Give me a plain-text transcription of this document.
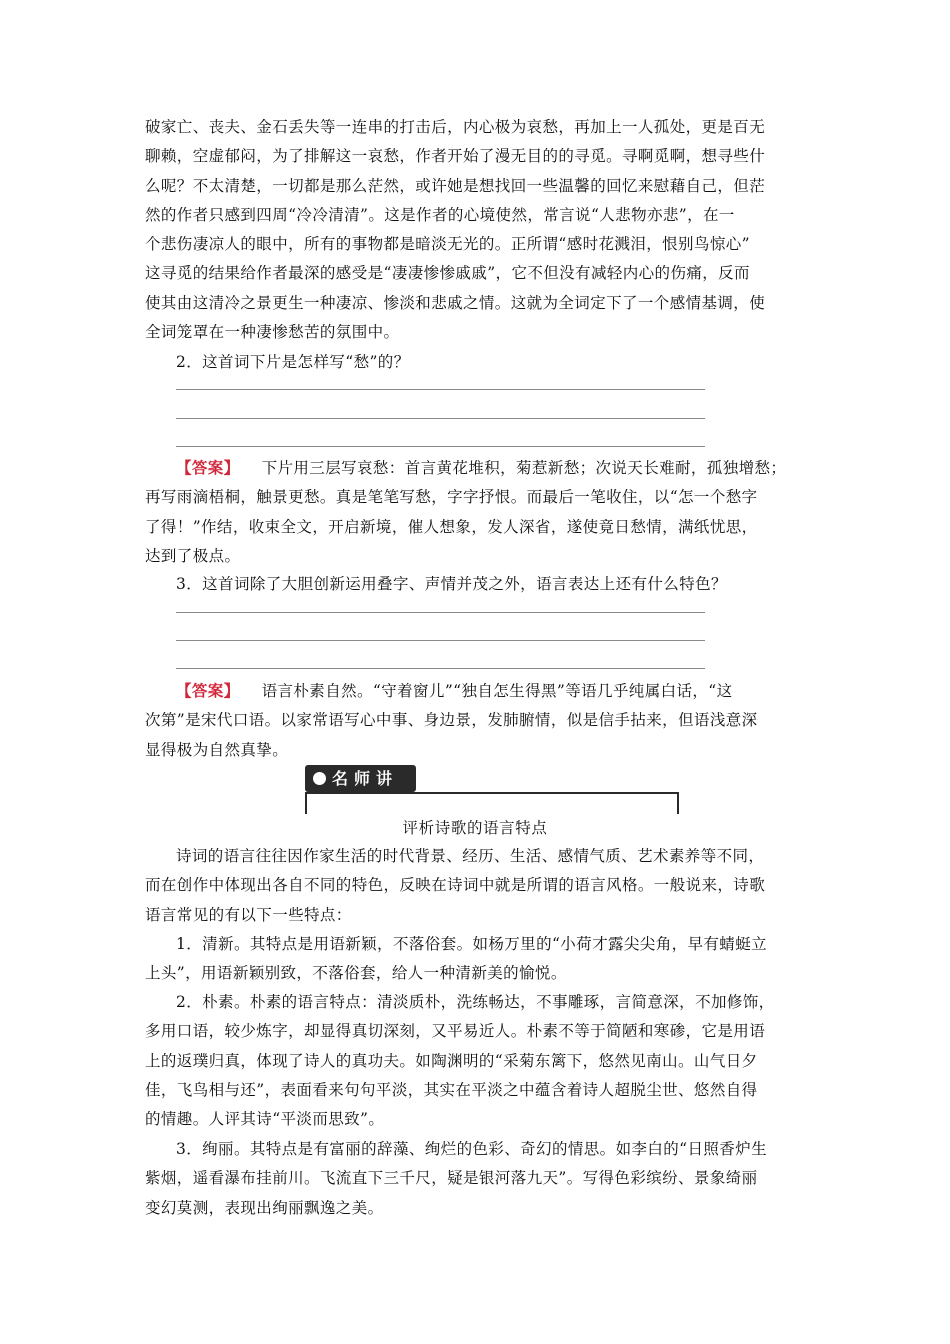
破家亡、丧夫、金石丢失等一连串的打击后，内心极为哀愁，再加上一人孤处，更是百无
聊赖，空虚郁闷，为了排解这一哀愁，作者开始了漫无目的的寻觅。寻啊觅啊，想寻些什
么呢？不太清楚，一切都是那么茫然，或许她是想找回一些温馨的回忆来慰藉自己，但茫
然的作者只感到四周“冷冷清清”。这是作者的心境使然，常言说“人悲物亦悲”，在一
个悲伤凄凉人的眼中，所有的事物都是暗淡无光的。正所谓“感时花溅泪，恨别鸟惊心”
这寻觅的结果给作者最深的感受是“凄凄惨惨戚戚”，它不但没有减轻内心的伤痛，反而
使其由这清冷之景更生一种凄凉、惨淡和悲戚之情。这就为全词定下了一个感情基调，使
全词笼罩在一种凄惨愁苦的氛围中。
2．这首词下片是怎样写“愁”的？
【答案】 下片用三层写哀愁：首言黄花堆积，菊惹新愁；次说天长难耐，孤独增愁；
再写雨滴梧桐，触景更愁。真是笔笔写愁，字字抒恨。而最后一笔收住，以“怎一个愁字
了得！”作结，收束全文，开启新境，催人想象，发人深省，遂使竟日愁情，满纸忧思，
达到了极点。
3．这首词除了大胆创新运用叠字、声情并茂之外，语言表达上还有什么特色？
【答案】 语言朴素自然。“守着窗儿”“独自怎生得黑”等语几乎纯属白话，“这
次第”是宋代口语。以家常语写心中事、身边景，发肺腑情，似是信手拈来，但语浅意深
显得极为自然真挚。
名师讲坛
评析诗歌的语言特点
诗词的语言往往因作家生活的时代背景、经历、生活、感情气质、艺术素养等不同，
而在创作中体现出各自不同的特色，反映在诗词中就是所谓的语言风格。一般说来，诗歌
语言常见的有以下一些特点：
1．清新。其特点是用语新颖，不落俗套。如杨万里的“小荷才露尖尖角，早有蜻蜓立
上头”，用语新颖别致，不落俗套，给人一种清新美的愉悦。
2．朴素。朴素的语言特点：清淡质朴，洗练畅达，不事雕琢，言简意深，不加修饰，
多用口语，较少炼字，却显得真切深刻，又平易近人。朴素不等于简陋和寒碜，它是用语
上的返璞归真，体现了诗人的真功夫。如陶渊明的“采菊东篱下，悠然见南山。山气日夕
佳，飞鸟相与还”，表面看来句句平淡，其实在平淡之中蕴含着诗人超脱尘世、悠然自得
的情趣。人评其诗“平淡而思致”。
3．绚丽。其特点是有富丽的辞藻、绚烂的色彩、奇幻的情思。如李白的“日照香炉生
紫烟，遥看瀑布挂前川。飞流直下三千尺，疑是银河落九天”。写得色彩缤纷、景象绮丽
变幻莫测，表现出绚丽飘逸之美。
